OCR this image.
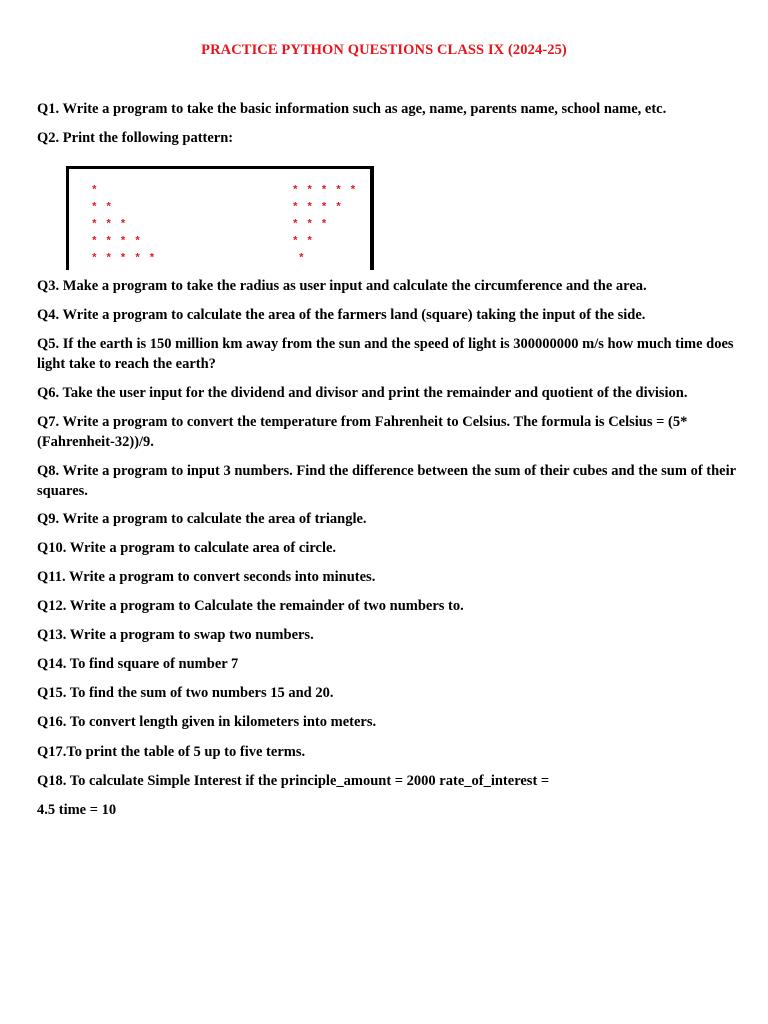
PRACTICE PYTHON QUESTIONS CLASS IX (2024-25)
Q1. Write a program to take the basic information such as age, name, parents name, school name, etc.
Q2. Print the following pattern:
*
* *
* * *
* * * *
* * * * *
* * * * *
* * * *
* * *
* *
*
Q3. Make a program to take the radius as user input and calculate the circumference and the area.
Q4. Write a program to calculate the area of the farmers land (square) taking the input of the side.
Q5. If the earth is 150 million km away from the sun and the speed of light is 300000000 m/s how much time does light take to reach the earth?
Q6. Take the user input for the dividend and divisor and print the remainder and quotient of the division.
Q7. Write a program to convert the temperature from Fahrenheit to Celsius. The formula is Celsius = (5*(Fahrenheit-32))/9.
Q8. Write a program to input 3 numbers. Find the difference between the sum of their cubes and the sum of their squares.
Q9. Write a program to calculate the area of triangle.
Q10. Write a program to calculate area of circle.
Q11. Write a program to convert seconds into minutes.
Q12. Write a program to Calculate the remainder of two numbers to.
Q13. Write a program to swap two numbers.
Q14. To find square of number 7
Q15. To find the sum of two numbers 15 and 20.
Q16. To convert length given in kilometers into meters.
Q17.To print the table of 5 up to five terms.
Q18. To calculate Simple Interest if the principle_amount = 2000 rate_of_interest =
4.5 time = 10
